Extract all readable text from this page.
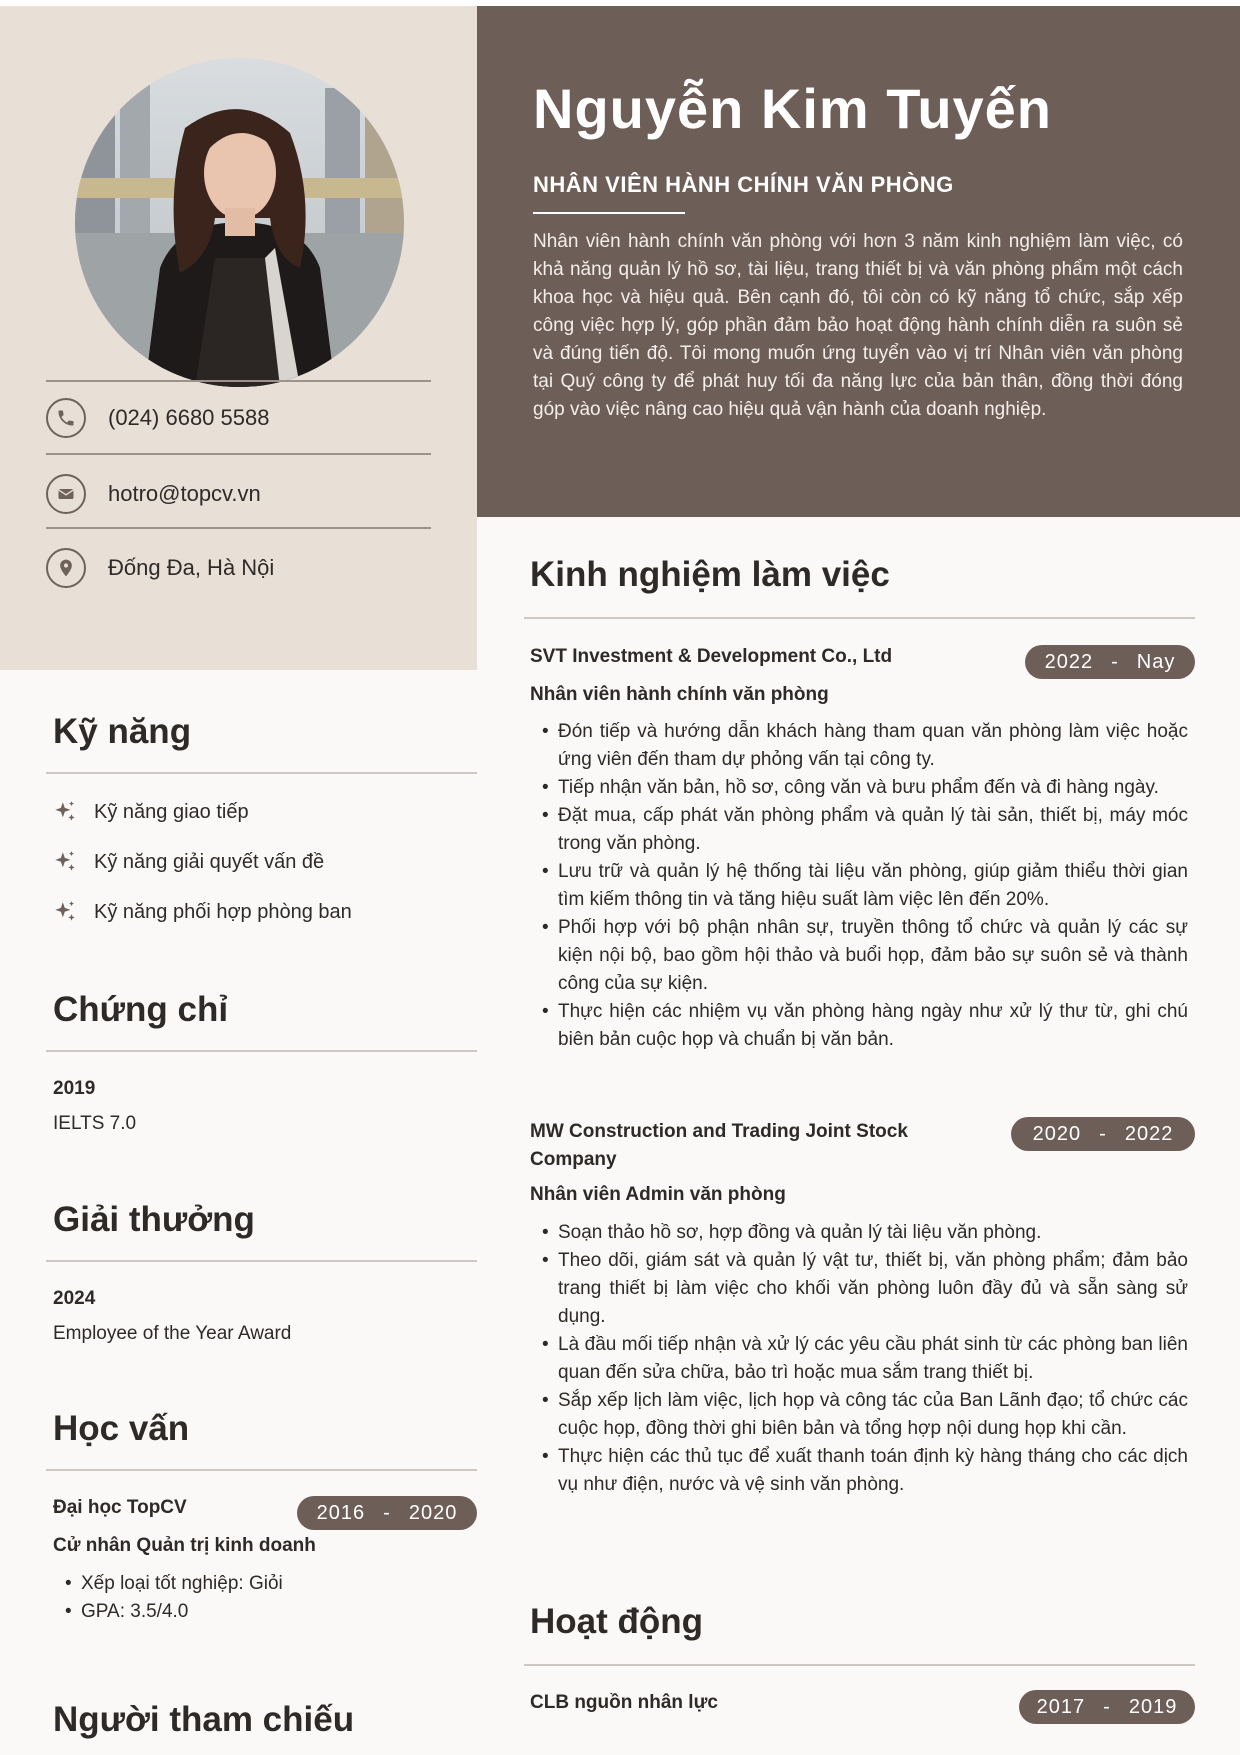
(024) 6680 5588
hotro@topcv.vn
Đống Đa, Hà Nội
Nguyễn Kim Tuyến
NHÂN VIÊN HÀNH CHÍNH VĂN PHÒNG
Nhân viên hành chính văn phòng với hơn 3 năm kinh nghiệm làm việc, có khả năng quản lý hồ sơ, tài liệu, trang thiết bị và văn phòng phẩm một cách khoa học và hiệu quả. Bên cạnh đó, tôi còn có kỹ năng tổ chức, sắp xếp công việc hợp lý, góp phần đảm bảo hoạt động hành chính diễn ra suôn sẻ và đúng tiến độ. Tôi mong muốn ứng tuyển vào vị trí Nhân viên văn phòng tại Quý công ty để phát huy tối đa năng lực của bản thân, đồng thời đóng góp vào việc nâng cao hiệu quả vận hành của doanh nghiệp.
Kỹ năng
Kỹ năng giao tiếp
Kỹ năng giải quyết vấn đề
Kỹ năng phối hợp phòng ban
Chứng chỉ
2019
IELTS 7.0
Giải thưởng
2024
Employee of the Year Award
Học vấn
Đại học TopCV	2016 - 2020
Cử nhân Quản trị kinh doanh
• Xếp loại tốt nghiệp: Giỏi
• GPA: 3.5/4.0
Người tham chiếu
Kinh nghiệm làm việc
SVT Investment & Development Co., Ltd	2022 - Nay
Nhân viên hành chính văn phòng
• Đón tiếp và hướng dẫn khách hàng tham quan văn phòng làm việc hoặc ứng viên đến tham dự phỏng vấn tại công ty.
• Tiếp nhận văn bản, hồ sơ, công văn và bưu phẩm đến và đi hàng ngày.
• Đặt mua, cấp phát văn phòng phẩm và quản lý tài sản, thiết bị, máy móc trong văn phòng.
• Lưu trữ và quản lý hệ thống tài liệu văn phòng, giúp giảm thiểu thời gian tìm kiếm thông tin và tăng hiệu suất làm việc lên đến 20%.
• Phối hợp với bộ phận nhân sự, truyền thông tổ chức và quản lý các sự kiện nội bộ, bao gồm hội thảo và buổi họp, đảm bảo sự suôn sẻ và thành công của sự kiện.
• Thực hiện các nhiệm vụ văn phòng hàng ngày như xử lý thư từ, ghi chú biên bản cuộc họp và chuẩn bị văn bản.
MW Construction and Trading Joint Stock Company
2020 - 2022
Nhân viên Admin văn phòng
• Soạn thảo hồ sơ, hợp đồng và quản lý tài liệu văn phòng.
• Theo dõi, giám sát và quản lý vật tư, thiết bị, văn phòng phẩm; đảm bảo trang thiết bị làm việc cho khối văn phòng luôn đầy đủ và sẵn sàng sử dụng.
• Là đầu mối tiếp nhận và xử lý các yêu cầu phát sinh từ các phòng ban liên quan đến sửa chữa, bảo trì hoặc mua sắm trang thiết bị.
• Sắp xếp lịch làm việc, lịch họp và công tác của Ban Lãnh đạo; tổ chức các cuộc họp, đồng thời ghi biên bản và tổng hợp nội dung họp khi cần.
• Thực hiện các thủ tục để xuất thanh toán định kỳ hàng tháng cho các dịch vụ như điện, nước và vệ sinh văn phòng.
Hoạt động
CLB nguồn nhân lực	2017 - 2019
